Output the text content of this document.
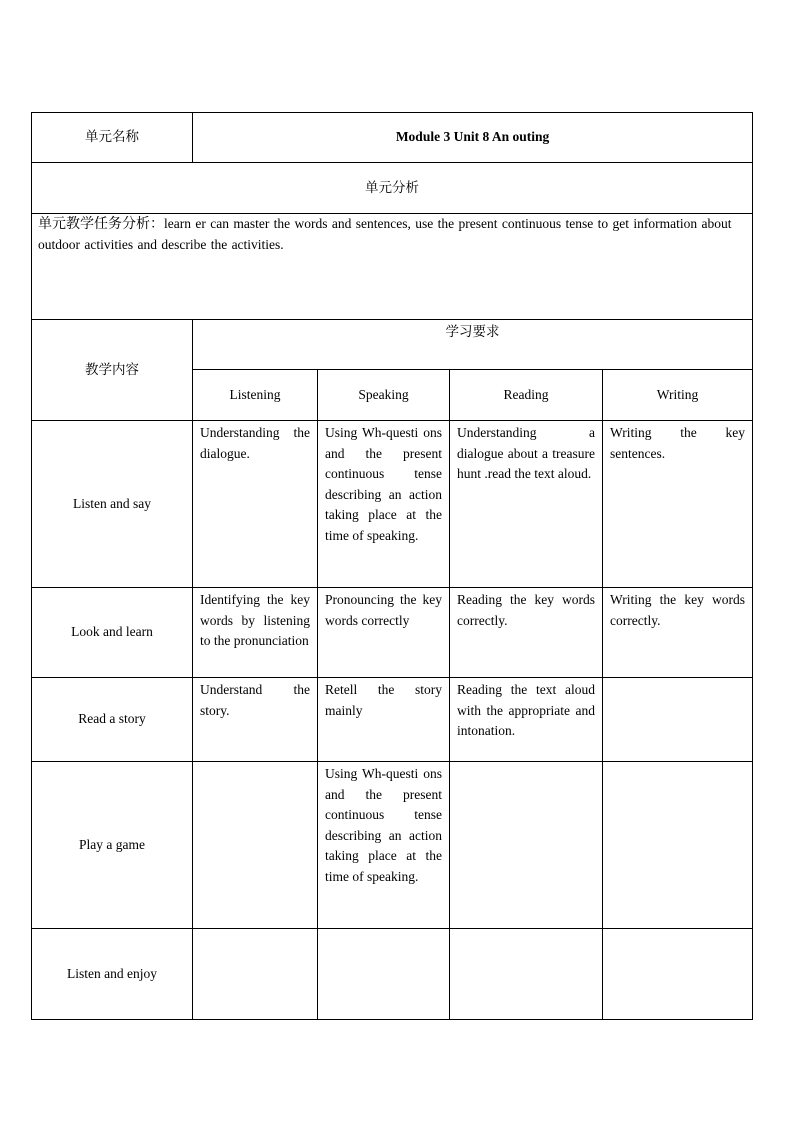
单元名称	Module 3 Unit 8 An outing			
单元分析				
单元教学任务分析：learn er can master the words and sentences, use the present continuous tense to get information about outdoor activities and describe the activities.				
教学内容	学习要求			
	Listening	Speaking	Reading	Writing
Listen and say	Understanding the dialogue.	Using Wh-questi ons and the present continuous tense describing an action taking place at the time of speaking.	Understanding a dialogue about a treasure hunt .read the text aloud.	Writing the key sentences.
Look and learn	Identifying the key words by listening to the pronunciation	Pronouncing the key words correctly	Reading the key words correctly.	Writing the key words correctly.
Read a story	Understand the story.	Retell the story mainly	Reading the text aloud with the appropriate and intonation.	
Play a game		Using Wh-questi ons and the present continuous tense describing an action taking place at the time of speaking.		
Listen and enjoy				
